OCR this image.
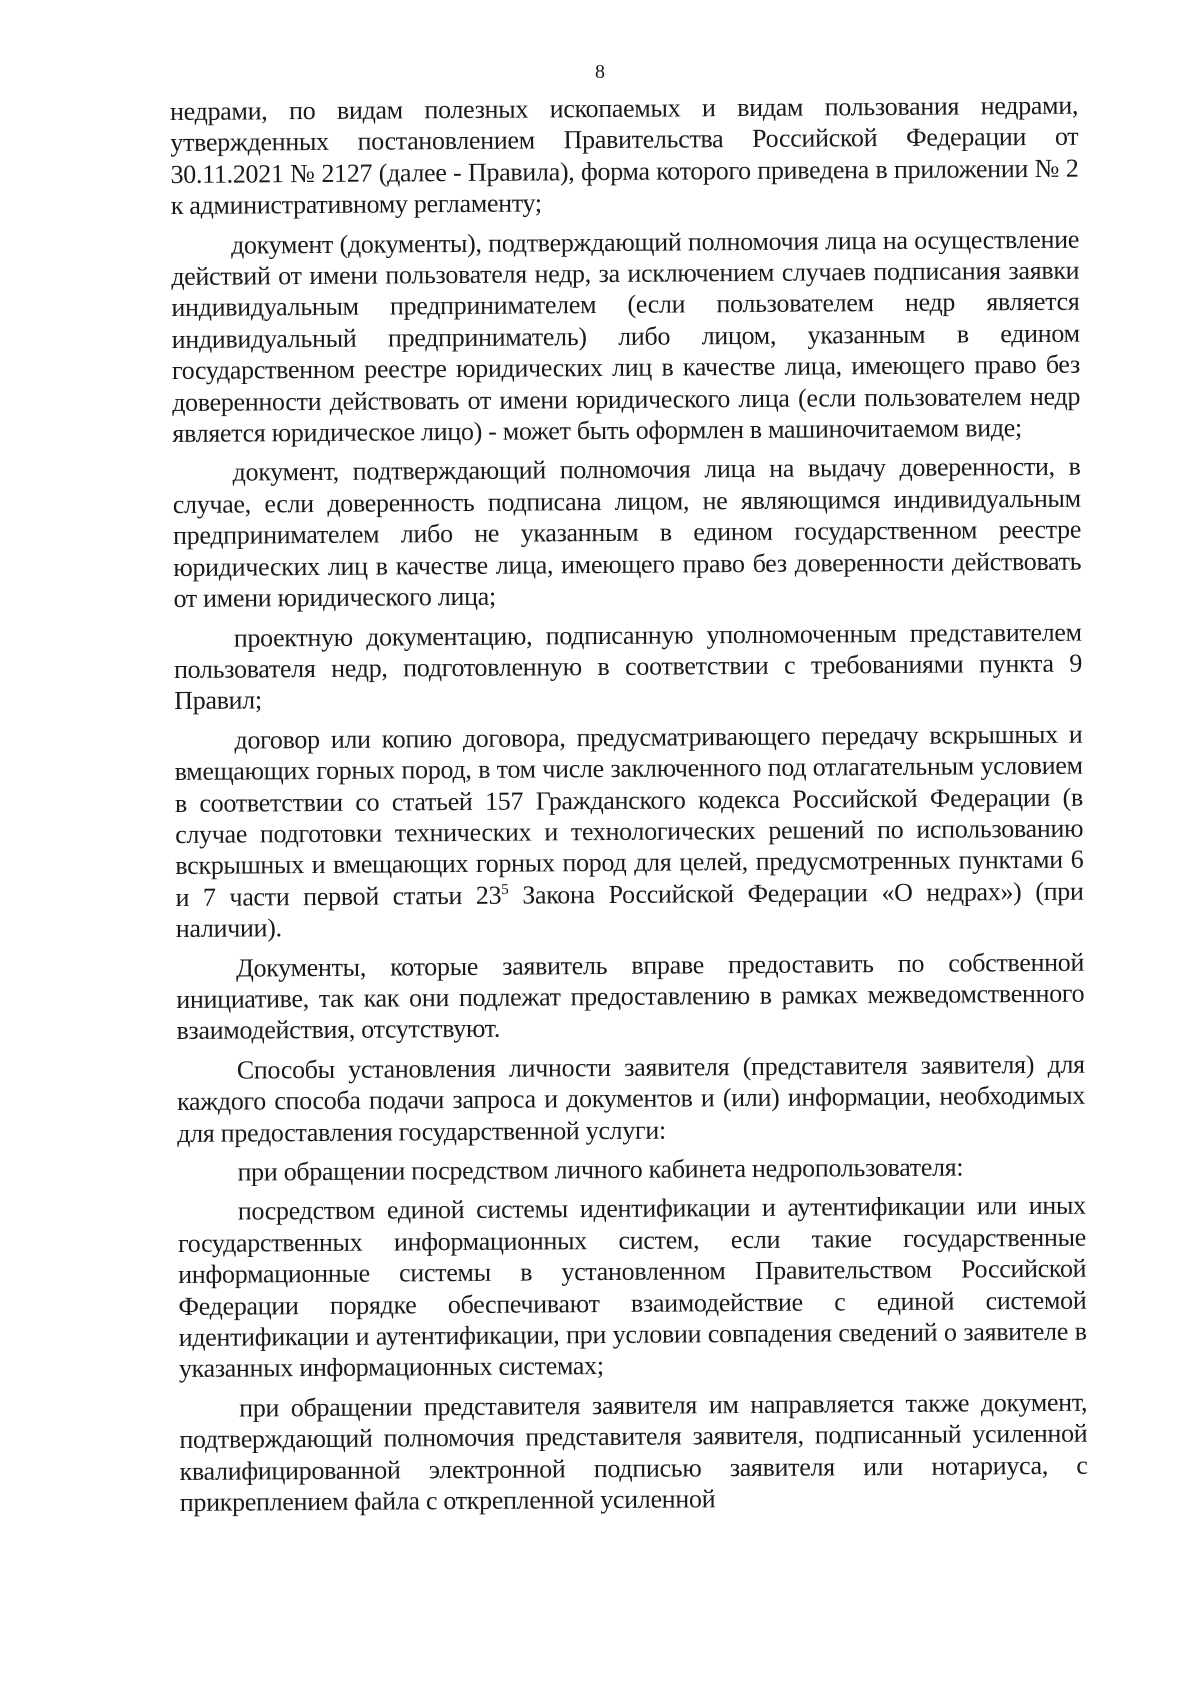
8

недрами, по видам полезных ископаемых и видам пользования недрами, утвержденных постановлением Правительства Российской Федерации от 30.11.2021 № 2127 (далее - Правила), форма которого приведена в приложении № 2 к административному регламенту;

документ (документы), подтверждающий полномочия лица на осуществление действий от имени пользователя недр, за исключением случаев подписания заявки индивидуальным предпринимателем (если пользователем недр является индивидуальный предприниматель) либо лицом, указанным в едином государственном реестре юридических лиц в качестве лица, имеющего право без доверенности действовать от имени юридического лица (если пользователем недр является юридическое лицо) - может быть оформлен в машиночитаемом виде;

документ, подтверждающий полномочия лица на выдачу доверенности, в случае, если доверенность подписана лицом, не являющимся индивидуальным предпринимателем либо не указанным в едином государственном реестре юридических лиц в качестве лица, имеющего право без доверенности действовать от имени юридического лица;

проектную документацию, подписанную уполномоченным представителем пользователя недр, подготовленную в соответствии с требованиями пункта 9 Правил;

договор или копию договора, предусматривающего передачу вскрышных и вмещающих горных пород, в том числе заключенного под отлагательным условием в соответствии со статьей 157 Гражданского кодекса Российской Федерации (в случае подготовки технических и технологических решений по использованию вскрышных и вмещающих горных пород для целей, предусмотренных пунктами 6 и 7 части первой статьи $23^5$ Закона Российской Федерации «О недрах») (при наличии).

Документы, которые заявитель вправе предоставить по собственной инициативе, так как они подлежат предоставлению в рамках межведомственного взаимодействия, отсутствуют.

Способы установления личности заявителя (представителя заявителя) для каждого способа подачи запроса и документов и (или) информации, необходимых для предоставления государственной услуги:

при обращении посредством личного кабинета недропользователя:

посредством единой системы идентификации и аутентификации или иных государственных информационных систем, если такие государственные информационные системы в установленном Правительством Российской Федерации порядке обеспечивают взаимодействие с единой системой идентификации и аутентификации, при условии совпадения сведений о заявителе в указанных информационных системах;

при обращении представителя заявителя им направляется также документ, подтверждающий полномочия представителя заявителя, подписанный усиленной квалифицированной электронной подписью заявителя или нотариуса, с прикреплением файла с открепленной усиленной
